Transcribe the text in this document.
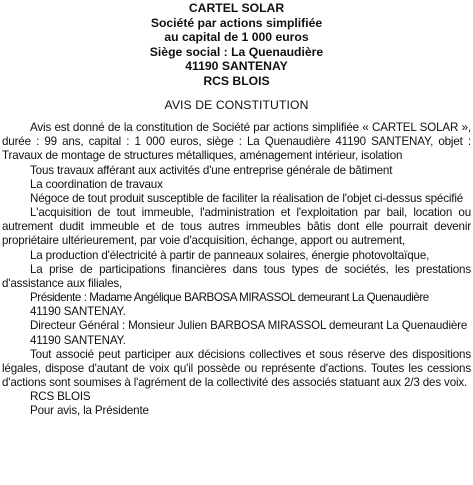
CARTEL SOLAR
Société par actions simplifiée
au capital de 1 000 euros
Siège social : La Quenaudière
41190 SANTENAY
RCS BLOIS
AVIS DE CONSTITUTION

Avis est donné de la constitution de Société par actions simplifiée « CARTEL SOLAR », durée : 99 ans, capital : 1 000 euros, siège : La Quenaudière 41190 SANTENAY, objet : Travaux de montage de structures métalliques, aménagement intérieur, isolation

Tous travaux afférant aux activités d'une entreprise générale de bâtiment

La coordination de travaux

Négoce de tout produit susceptible de faciliter la réalisation de l'objet ci-dessus spécifié

L'acquisition de tout immeuble, l'administration et l'exploitation par bail, location ou autrement dudit immeuble et de tous autres immeubles bâtis dont elle pourrait devenir propriétaire ultérieurement, par voie d'acquisition, échange, apport ou autrement,

La production d'électricité à partir de panneaux solaires, énergie photovoltaïque,

La prise de participations financières dans tous types de sociétés, les prestations d'assistance aux filiales,

Présidente : Madame Angélique BARBOSA MIRASSOL demeurant La Quenaudière

41190 SANTENAY.

Directeur Général : Monsieur Julien BARBOSA MIRASSOL demeurant La Quenaudière

41190 SANTENAY.

Tout associé peut participer aux décisions collectives et sous réserve des dispositions légales, dispose d'autant de voix qu'il possède ou représente d'actions. Toutes les cessions d'actions sont soumises à l'agrément de la collectivité des associés statuant aux 2/3 des voix.

RCS BLOIS

Pour avis, la Présidente
